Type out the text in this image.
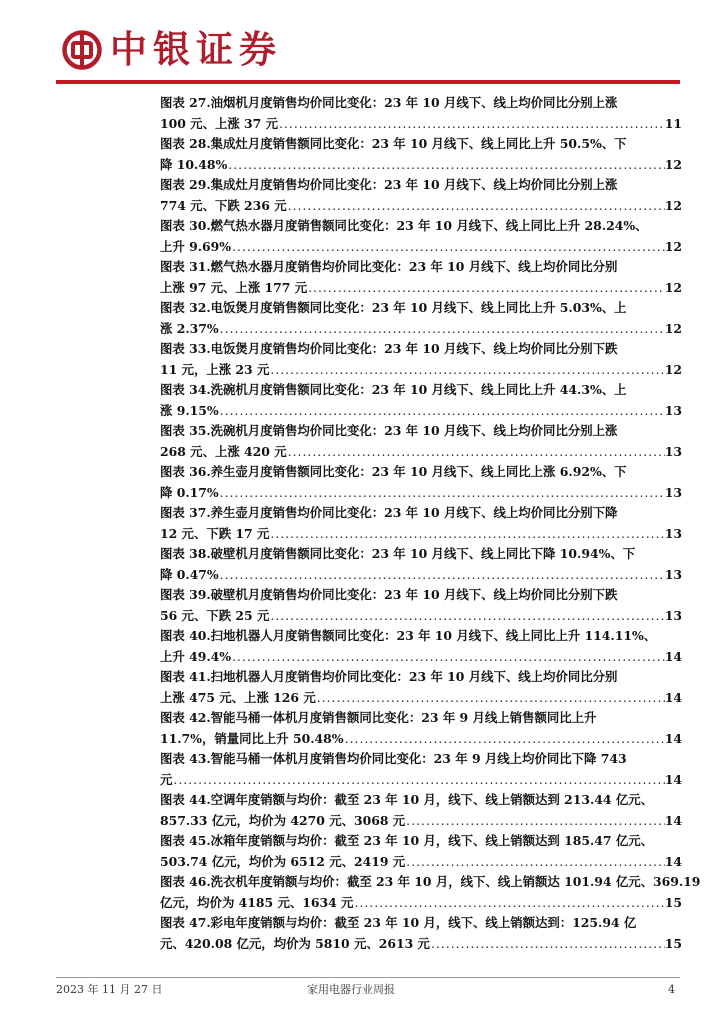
中银证券
图表 27.油烟机月度销售均价同比变化：23 年 10 月线下、线上均价同比分别上涨
100 元、上涨 37 元 .....	11
图表 28.集成灶月度销售额同比变化：23 年 10 月线下、线上同比上升 50.5%、下
降 10.48% .....	12
图表 29.集成灶月度销售均价同比变化：23 年 10 月线下、线上均价同比分别上涨
774 元、下跌 236 元 .....	12
图表 30.燃气热水器月度销售额同比变化：23 年 10 月线下、线上同比上升 28.24%、
上升 9.69% .....	12
图表 31.燃气热水器月度销售均价同比变化：23 年 10 月线下、线上均价同比分别
上涨 97 元、上涨 177 元 .....	12
图表 32.电饭煲月度销售额同比变化：23 年 10 月线下、线上同比上升 5.03%、上
涨 2.37% .....	12
图表 33.电饭煲月度销售均价同比变化：23 年 10 月线下、线上均价同比分别下跌
11 元，上涨 23 元 .....	12
图表 34.洗碗机月度销售额同比变化：23 年 10 月线下、线上同比上升 44.3%、上
涨 9.15% .....	13
图表 35.洗碗机月度销售均价同比变化：23 年 10 月线下、线上均价同比分别上涨
268 元、上涨 420 元 .....	13
图表 36.养生壶月度销售额同比变化：23 年 10 月线下、线上同比上涨 6.92%、下
降 0.17% .....	13
图表 37.养生壶月度销售均价同比变化：23 年 10 月线下、线上均价同比分别下降
12 元、下跌 17 元 .....	13
图表 38.破壁机月度销售额同比变化：23 年 10 月线下、线上同比下降 10.94%、下
降 0.47% .....	13
图表 39.破壁机月度销售均价同比变化：23 年 10 月线下、线上均价同比分别下跌
56 元、下跌 25 元 .....	13
图表 40.扫地机器人月度销售额同比变化：23 年 10 月线下、线上同比上升 114.11%、
上升 49.4% .....	14
图表 41.扫地机器人月度销售均价同比变化：23 年 10 月线下、线上均价同比分别
上涨 475 元、上涨 126 元 .....	14
图表 42.智能马桶一体机月度销售额同比变化：23 年 9 月线上销售额同比上升
11.7%，销量同比上升 50.48% .....	14
图表 43.智能马桶一体机月度销售均价同比变化：23 年 9 月线上均价同比下降 743
元 .....	14
图表 44.空调年度销额与均价：截至 23 年 10 月，线下、线上销额达到 213.44 亿元、
857.33 亿元，均价为 4270 元、3068 元 .....	14
图表 45.冰箱年度销额与均价：截至 23 年 10 月，线下、线上销额达到 185.47 亿元、
503.74 亿元，均价为 6512 元、2419 元 .....	14
图表 46.洗衣机年度销额与均价：截至 23 年 10 月，线下、线上销额达 101.94 亿元、369.19
亿元，均价为 4185 元、1634 元 .....	15
图表 47.彩电年度销额与均价：截至 23 年 10 月，线下、线上销额达到：125.94 亿
元、420.08 亿元，均价为 5810 元、2613 元 .....	15
2023 年 11 月 27 日	家用电器行业周报	4
